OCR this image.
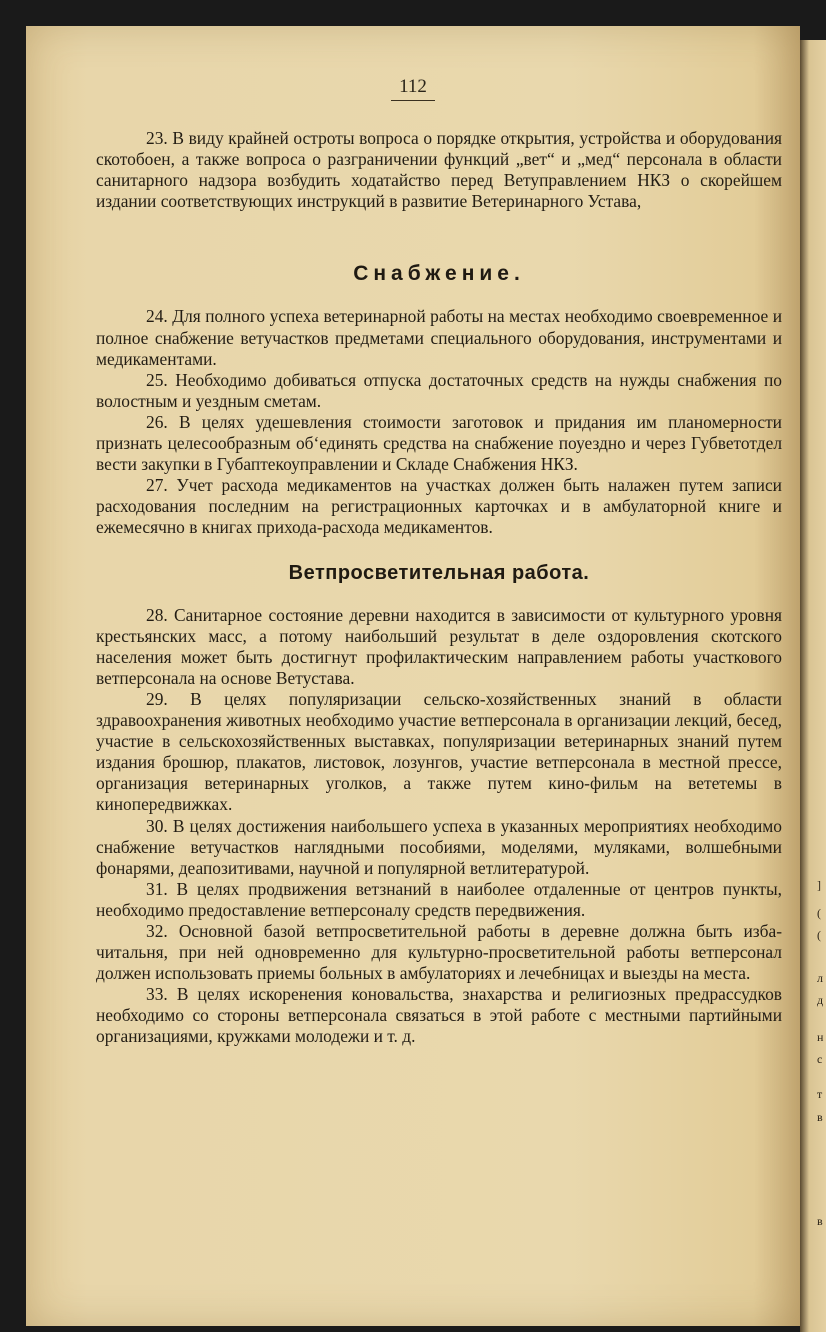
112

23. В виду крайней остроты вопроса о порядке открытия, устройства и оборудования скотобоен, а также вопроса о разграничении функций „вет“ и „мед“ персонала в области санитарного надзора возбудить ходатайство перед Ветуправлением НКЗ о скорейшем издании соответствующих инструкций в развитие Ветеринарного Устава,

Снабжение.

24. Для полного успеха ветеринарной работы на местах необходимо своевременное и полное снабжение ветучастков предметами специального оборудования, инструментами и медикаментами.

25. Необходимо добиваться отпуска достаточных средств на нужды снабжения по волостным и уездным сметам.

26. В целях удешевления стоимости заготовок и придания им планомерности признать целесообразным об‘единять средства на снабжение поуездно и через Губветотдел вести закупки в Губаптекоуправлении и Складе Снабжения НКЗ.

27. Учет расхода медикаментов на участках должен быть налажен путем записи расходования последним на регистрационных карточках и в амбулаторной книге и ежемесячно в книгах прихода-расхода медикаментов.

Ветпросветительная работа.

28. Санитарное состояние деревни находится в зависимости от культурного уровня крестьянских масс, а потому наибольший результат в деле оздоровления скотского населения может быть достигнут профилактическим направлением работы участкового ветперсонала на основе Ветустава.

29. В целях популяризации сельско-хозяйственных знаний в области здравоохранения животных необходимо участие ветперсонала в организации лекций, бесед, участие в сельскохозяйственных выставках, популяризации ветеринарных знаний путем издания брошюр, плакатов, листовок, лозунгов, участие ветперсонала в местной прессе, организация ветеринарных уголков, а также путем кино-фильм на вететемы в кинопередвижках.

30. В целях достижения наибольшего успеха в указанных мероприятиях необходимо снабжение ветучастков наглядными пособиями, моделями, муляками, волшебными фонарями, деапозитивами, научной и популярной ветлитературой.

31. В целях продвижения ветзнаний в наиболее отдаленные от центров пункты, необходимо предоставление ветперсоналу средств передвижения.

32. Основной базой ветпросветительной работы в деревне должна быть изба-читальня, при ней одновременно для культурно-просветительной работы ветперсонал должен использовать приемы больных в амбулаториях и лечебницах и выезды на места.

33. В целях искоренения коновальства, знахарства и религиозных предрассудков необходимо со стороны ветперсонала связаться в этой работе с местными партийными организациями, кружками молодежи и т. д.

]
(
(
л
д
н
с
т
в
в
